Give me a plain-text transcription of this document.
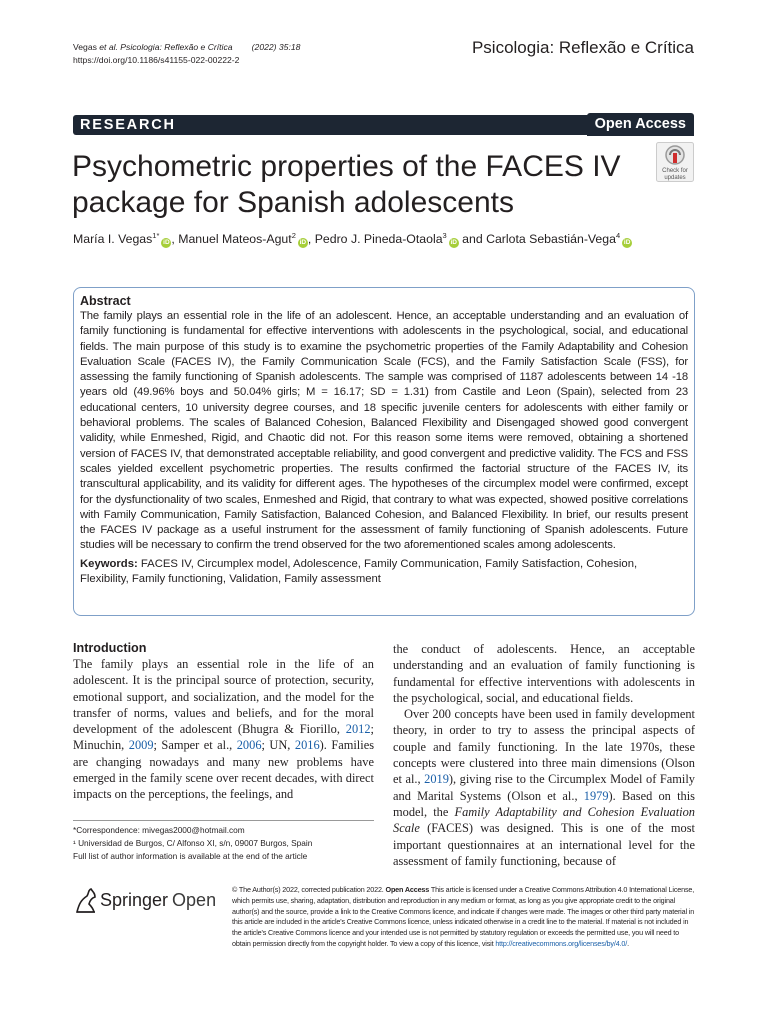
Vegas et al. Psicologia: Reflexão e Crítica (2022) 35:18
https://doi.org/10.1186/s41155-022-00222-2
Psicologia: Reflexão e Crítica
RESEARCH	Open Access
Psychometric properties of the FACES IV package for Spanish adolescents
Check for
updates
María I. Vegas$^{1*}$iD , Manuel Mateos-Agut$^2$iD , Pedro J. Pineda-Otaola$^3$iD and Carlota Sebastián-Vega$^4$iD
Abstract
The family plays an essential role in the life of an adolescent. Hence, an acceptable understanding and an evaluation of family functioning is fundamental for effective interventions with adolescents in the psychological, social, and educational fields. The main purpose of this study is to examine the psychometric properties of the Family Adaptability and Cohesion Evaluation Scale (FACES IV), the Family Communication Scale (FCS), and the Family Satisfaction Scale (FSS), for assessing the family functioning of Spanish adolescents. The sample was comprised of 1187 adolescents between 14 -18 years old (49.96% boys and 50.04% girls; M = 16.17; SD = 1.31) from Castile and Leon (Spain), selected from 23 educational centers, 10 university degree courses, and 18 specific juvenile centers for adolescents with either family or behavioral problems. The scales of Balanced Cohesion, Balanced Flexibility and Disengaged showed good convergent validity, while Enmeshed, Rigid, and Chaotic did not. For this reason some items were removed, obtaining a shortened version of FACES IV, that demonstrated acceptable reliability, and good convergent and predictive validity. The FCS and FSS scales yielded excellent psychometric properties. The results confirmed the factorial structure of the FACES IV, its transcultural applicability, and its validity for different ages. The hypotheses of the circumplex model were confirmed, except for the dysfunctionality of two scales, Enmeshed and Rigid, that contrary to what was expected, showed positive correlations with Family Communication, Family Satisfaction, Balanced Cohesion, and Balanced Flexibility. In brief, our results present the FACES IV package as a useful instrument for the assessment of family functioning of Spanish adolescents. Future studies will be necessary to confirm the trend observed for the two aforementioned scales among adolescents.
Keywords: FACES IV, Circumplex model, Adolescence, Family Communication, Family Satisfaction, Cohesion, Flexibility, Family functioning, Validation, Family assessment
Introduction

The family plays an essential role in the life of an adolescent. It is the principal source of protection, security, emotional support, and socialization, and the model for the transfer of norms, values and beliefs, and for the moral development of the adolescent (Bhugra & Fiorillo, 2012; Minuchin, 2009; Samper et al., 2006; UN, 2016). Families are changing nowadays and many new problems have emerged in the family scene over recent decades, with direct impacts on the perceptions, the feelings, and

*Correspondence: mivegas2000@hotmail.com
¹ Universidad de Burgos, C/ Alfonso XI, s/n, 09007 Burgos, Spain
Full list of author information is available at the end of the article

the conduct of adolescents. Hence, an acceptable understanding and an evaluation of family functioning is fundamental for effective interventions with adolescents in the psychological, social, and educational fields.

Over 200 concepts have been used in family development theory, in order to try to assess the principal aspects of couple and family functioning. In the late 1970s, these concepts were clustered into three main dimensions (Olson et al., 2019), giving rise to the Circumplex Model of Family and Marital Systems (Olson et al., 1979). Based on this model, the Family Adaptability and Cohesion Evaluation Scale (FACES) was designed. This is one of the most important questionnaires at an international level for the assessment of family functioning, because of

Springer Open
© The Author(s) 2022, corrected publication 2022. Open Access This article is licensed under a Creative Commons Attribution 4.0 International License, which permits use, sharing, adaptation, distribution and reproduction in any medium or format, as long as you give appropriate credit to the original author(s) and the source, provide a link to the Creative Commons licence, and indicate if changes were made. The images or other third party material in this article are included in the article's Creative Commons licence, unless indicated otherwise in a credit line to the material. If material is not included in the article's Creative Commons licence and your intended use is not permitted by statutory regulation or exceeds the permitted use, you will need to obtain permission directly from the copyright holder. To view a copy of this licence, visit http://creativecommons.org/licenses/by/4.0/.
